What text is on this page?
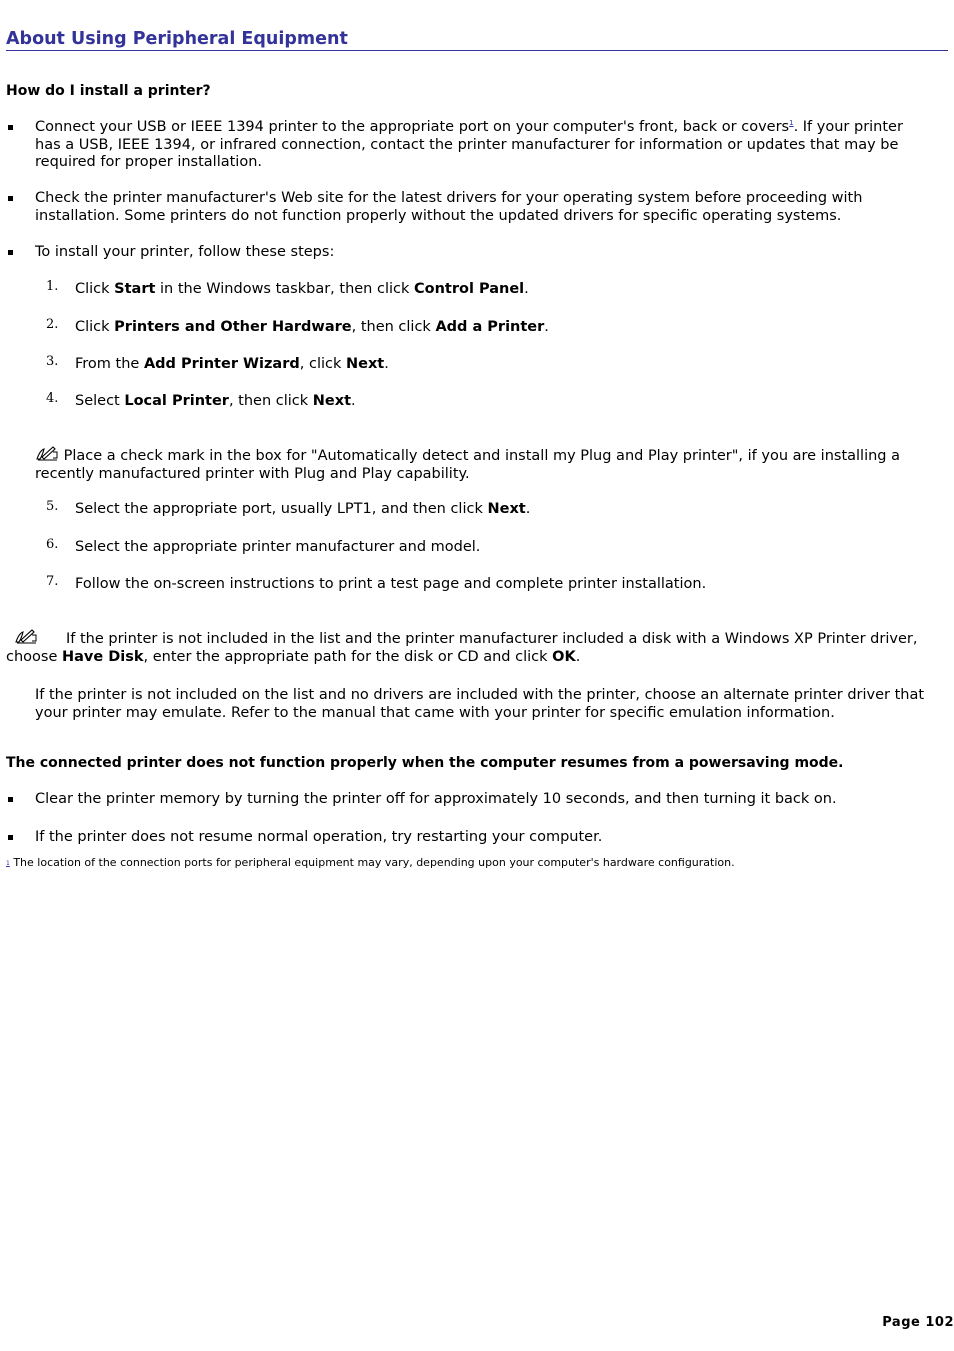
About Using Peripheral Equipment

How do I install a printer?

Connect your USB or IEEE 1394 printer to the appropriate port on your computer's front, back or covers$^1$. If your printer has a USB, IEEE 1394, or infrared connection, contact the printer manufacturer for information or updates that may be required for proper installation.
Check the printer manufacturer's Web site for the latest drivers for your operating system before proceeding with installation. Some printers do not function properly without the updated drivers for specific operating systems.
To install your printer, follow these steps:
1. Click Start in the Windows taskbar, then click Control Panel.
2. Click Printers and Other Hardware, then click Add a Printer.
3. From the Add Printer Wizard, click Next.
4. Select Local Printer, then click Next.
Place a check mark in the box for "Automatically detect and install my Plug and Play printer", if you are installing a recently manufactured printer with Plug and Play capability.
5. Select the appropriate port, usually LPT1, and then click Next.
6. Select the appropriate printer manufacturer and model.
7. Follow the on-screen instructions to print a test page and complete printer installation.
If the printer is not included in the list and the printer manufacturer included a disk with a Windows XP Printer driver, choose Have Disk, enter the appropriate path for the disk or CD and click OK.
If the printer is not included on the list and no drivers are included with the printer, choose an alternate printer driver that your printer may emulate. Refer to the manual that came with your printer for specific emulation information.

The connected printer does not function properly when the computer resumes from a powersaving mode.

Clear the printer memory by turning the printer off for approximately 10 seconds, and then turning it back on.
If the printer does not resume normal operation, try restarting your computer.
1 The location of the connection ports for peripheral equipment may vary, depending upon your computer's hardware configuration.
Page 102
